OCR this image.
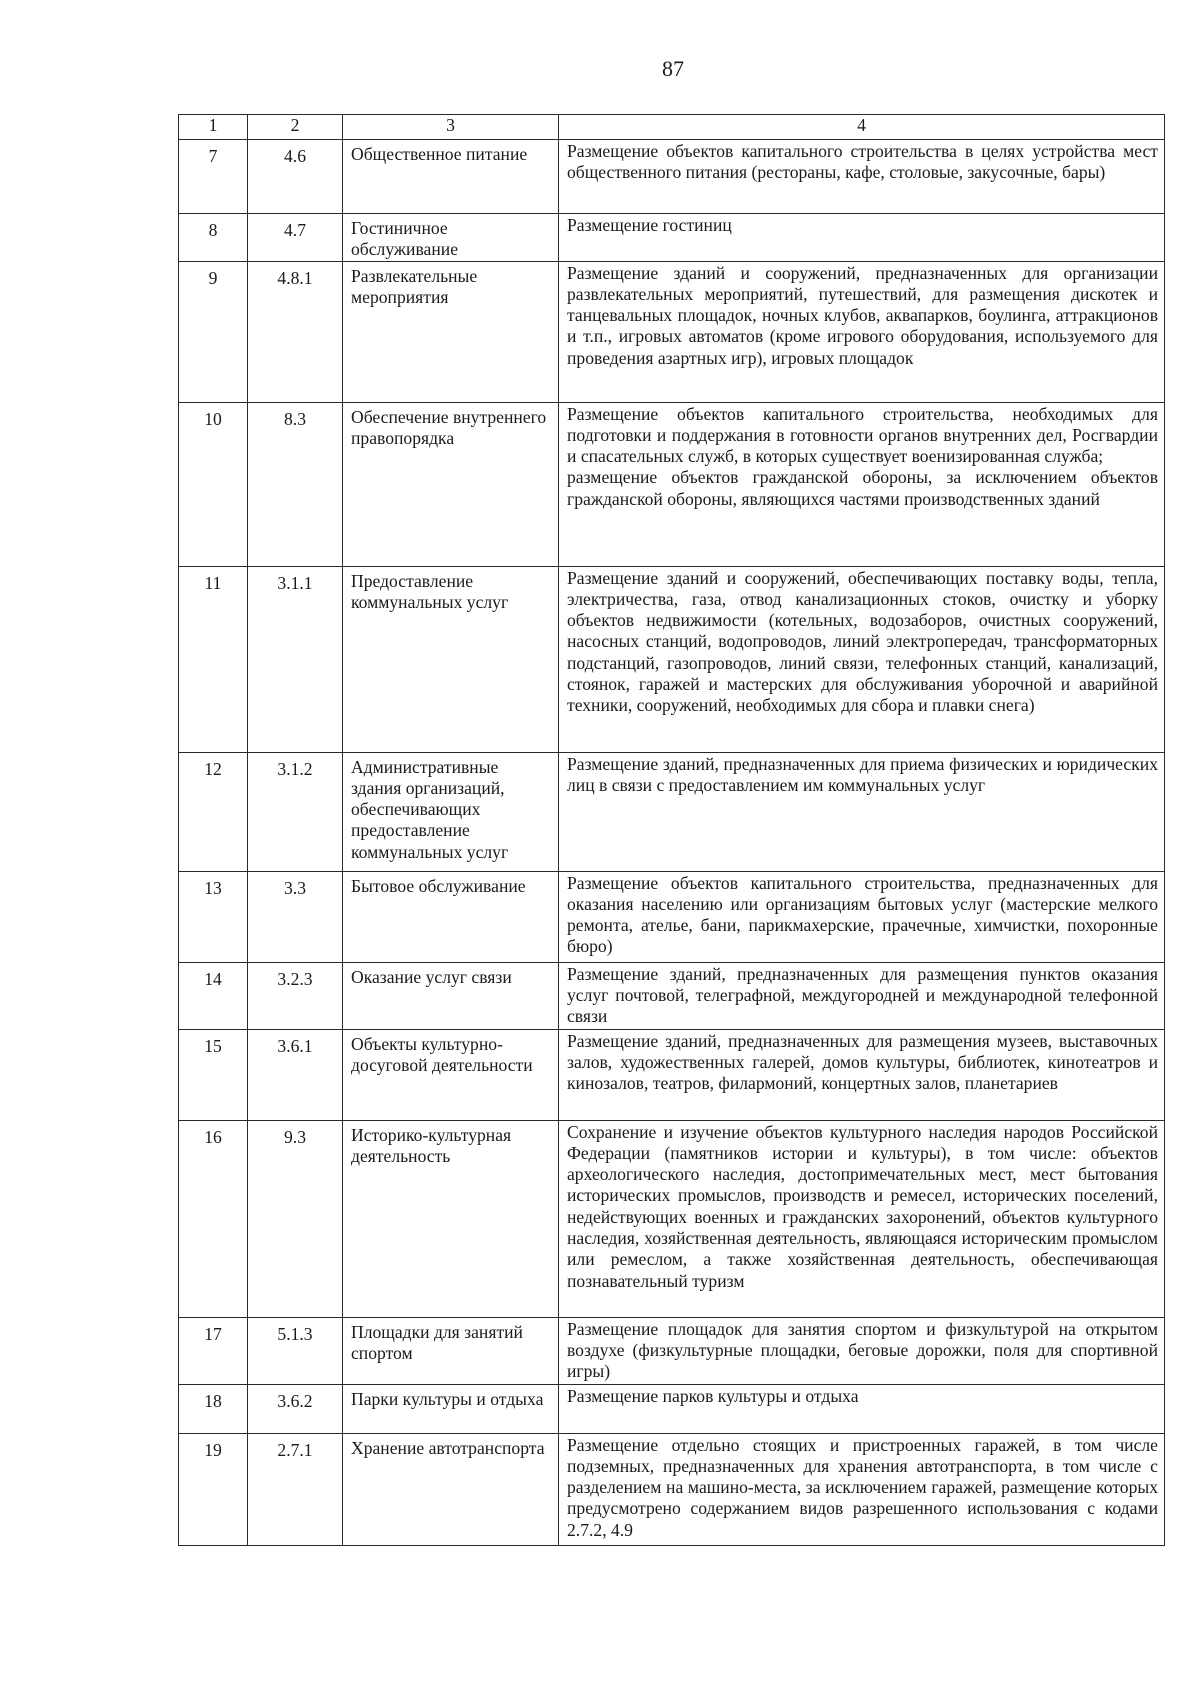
87
1	2	3	4
7	4.6	Общественное питание	Размещение объектов капитального строительства в целях устройства мест общественного питания (рестораны, кафе, столовые, закусочные, бары)
8	4.7	Гостиничное обслуживание	Размещение гостиниц
9	4.8.1	Развлекательные мероприятия	Размещение зданий и сооружений, предназначенных для организации развлекательных мероприятий, путешествий, для размещения дискотек и танцевальных площадок, ночных клубов, аквапарков, боулинга, аттракционов и т.п., игровых автоматов (кроме игрового оборудования, используемого для проведения азартных игр), игровых площадок
10	8.3	Обеспечение внутреннего правопорядка	Размещение объектов капитального строительства, необходимых для подготовки и поддержания в готовности органов внутренних дел, Росгвардии и спасательных служб, в которых существует военизированная служба;
размещение объектов гражданской обороны, за исключением объектов гражданской обороны, являющихся частями производственных зданий
11	3.1.1	Предоставление коммунальных услуг	Размещение зданий и сооружений, обеспечивающих поставку воды, тепла, электричества, газа, отвод канализационных стоков, очистку и уборку объектов недвижимости (котельных, водозаборов, очистных сооружений, насосных станций, водопроводов, линий электропередач, трансформаторных подстанций, газопроводов, линий связи, телефонных станций, канализаций, стоянок, гаражей и мастерских для обслуживания уборочной и аварийной техники, сооружений, необходимых для сбора и плавки снега)
12	3.1.2	Административные здания организаций, обеспечивающих предоставление коммунальных услуг	Размещение зданий, предназначенных для приема физических и юридических лиц в связи с предоставлением им коммунальных услуг
13	3.3	Бытовое обслуживание	Размещение объектов капитального строительства, предназначенных для оказания населению или организациям бытовых услуг (мастерские мелкого ремонта, ателье, бани, парикмахерские, прачечные, химчистки, похоронные бюро)
14	3.2.3	Оказание услуг связи	Размещение зданий, предназначенных для размещения пунктов оказания услуг почтовой, телеграфной, междугородней и международной телефонной связи
15	3.6.1	Объекты культурно-досуговой деятельности	Размещение зданий, предназначенных для размещения музеев, выставочных залов, художественных галерей, домов культуры, библиотек, кинотеатров и кинозалов, театров, филармоний, концертных залов, планетариев
16	9.3	Историко-культурная деятельность	Сохранение и изучение объектов культурного наследия народов Российской Федерации (памятников истории и культуры), в том числе: объектов археологического наследия, достопримечательных мест, мест бытования исторических промыслов, производств и ремесел, исторических поселений, недействующих военных и гражданских захоронений, объектов культурного наследия, хозяйственная деятельность, являющаяся историческим промыслом или ремеслом, а также хозяйственная деятельность, обеспечивающая познавательный туризм
17	5.1.3	Площадки для занятий спортом	Размещение площадок для занятия спортом и физкультурой на открытом воздухе (физкультурные площадки, беговые дорожки, поля для спортивной игры)
18	3.6.2	Парки культуры и отдыха	Размещение парков культуры и отдыха
19	2.7.1	Хранение автотранспорта	Размещение отдельно стоящих и пристроенных гаражей, в том числе подземных, предназначенных для хранения автотранспорта, в том числе с разделением на машино-места, за исключением гаражей, размещение которых предусмотрено содержанием видов разрешенного использования с кодами 2.7.2, 4.9
